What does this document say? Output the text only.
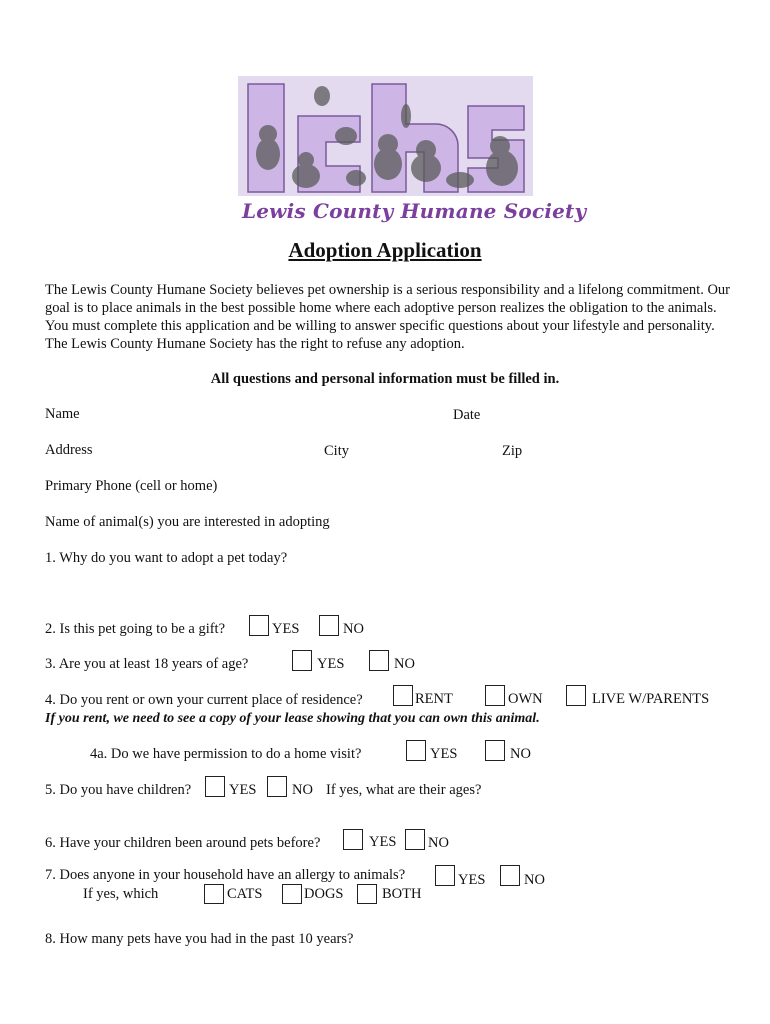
lchs
Lewis County Humane Society
Adoption Application
The Lewis County Humane Society believes pet ownership is a serious responsibility and a lifelong commitment. Our goal is to place animals in the best possible home where each adoptive person realizes the obligation to the animals. You must complete this application and be willing to answer specific questions about your lifestyle and personality. The Lewis County Humane Society has the right to refuse any adoption.
All questions and personal information must be filled in.
Name	Date
Address	City	Zip
Primary Phone (cell or home)
Name of animal(s) you are interested in adopting
1. Why do you want to adopt a pet today?
2. Is this pet going to be a gift?	YES	NO
3. Are you at least 18 years of age?	YES	NO
4. Do you rent or own your current place of residence?	RENT	OWN	LIVE W/PARENTS
If you rent, we need to see a copy of your lease showing that you can own this animal.
4a. Do we have permission to do a home visit?	YES	NO
5. Do you have children?	YES NO If yes, what are their ages?
6. Have your children been around pets before?	YES NO
7. Does anyone in your household have an allergy to animals?	YES	NO
If yes, which	CATS	DOGS	BOTH
8. How many pets have you had in the past 10 years?
